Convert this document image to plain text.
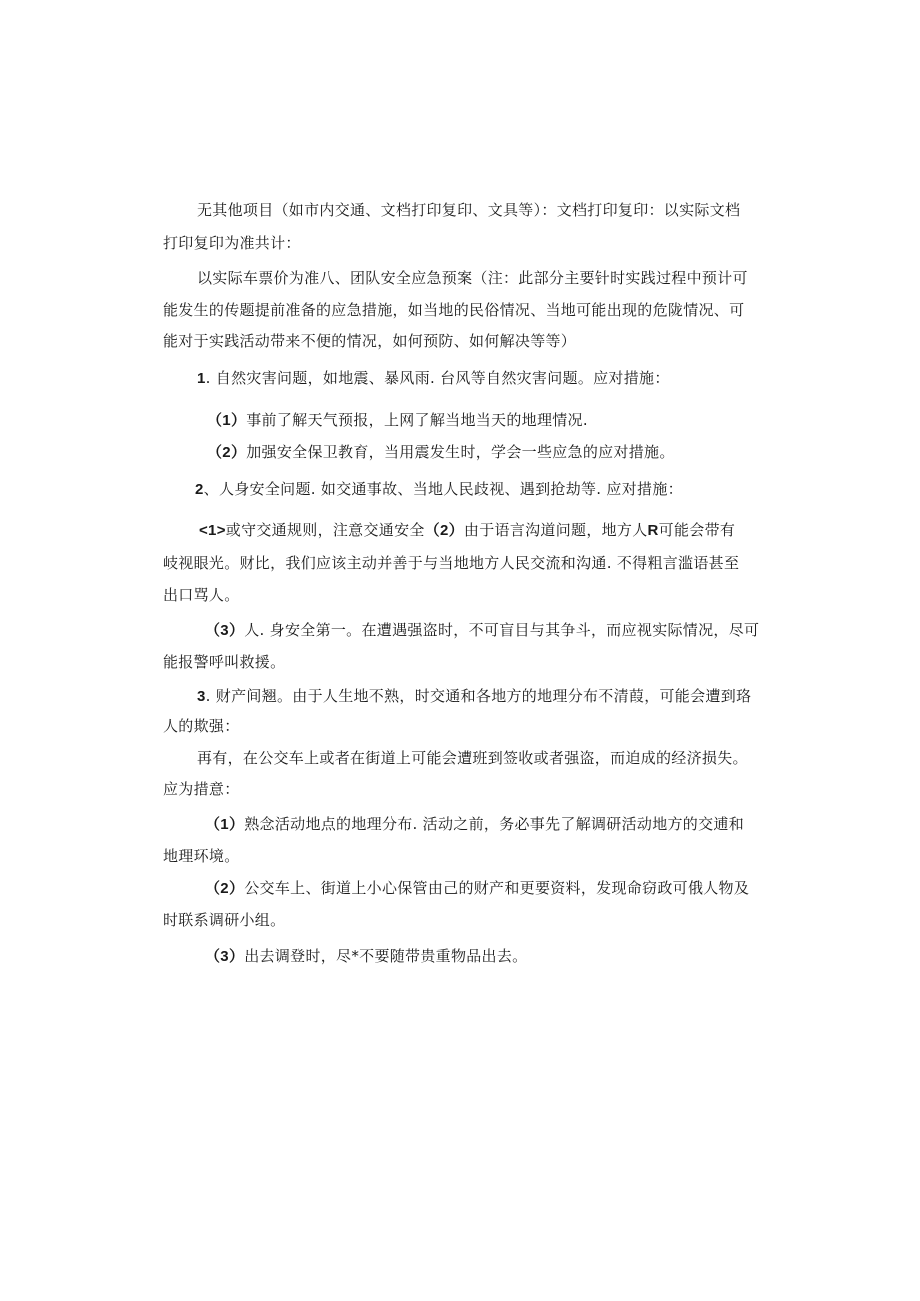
无其他项目（如市内交通、文档打印复印、文具等）：文档打印复印：以实际文档
打印复印为准共计：
以实际车票价为准八、团队安全应急预案（注：此部分主要针时实践过程中预计可
能发生的传题提前准备的应急措施，如当地的民俗情况、当地可能出现的危陇情况、可
能对于实践活动带来不便的情况，如何预防、如何解决等等）
1. 自然灾害问题，如地震、暴风雨. 台风等自然灾害问题。应对措施：
（1）事前了解天气预报，上网了解当地当天的地理情况.
（2）加强安全保卫教育，当用震发生时，学会一些应急的应对措施。
2、人身安全问题. 如交通事故、当地人民歧视、遇到抢劫等. 应对措施：
<1>或守交通规则，注意交通安全（2）由于语言沟道问题，地方人R可能会带有
岐视眼光。财比，我们应该主动并善于与当地地方人民交流和沟通. 不得粗言滥语甚至
出口骂人。
（3）人. 身安全第一。在遭遇强盗时，不可盲目与其争斗，而应视实际情况，尽可
能报警呼叫救援。
3. 财产间翘。由于人生地不熟，时交通和各地方的地理分布不清葭，可能会遭到珞
人的欺强：
再有，在公交车上或者在街道上可能会遭班到签收或者强盗，而迫成的经济损失。
应为措意：
（1）熟念活动地点的地理分布. 活动之前，务必事先了解调研活动地方的交逋和
地理环境。
（2）公交车上、街道上小心保管由己的财产和更要资料，发现命窃政可俄人物及
时联系调研小组。
（3）出去调登时，尽*不要随带贵重物品出去。
